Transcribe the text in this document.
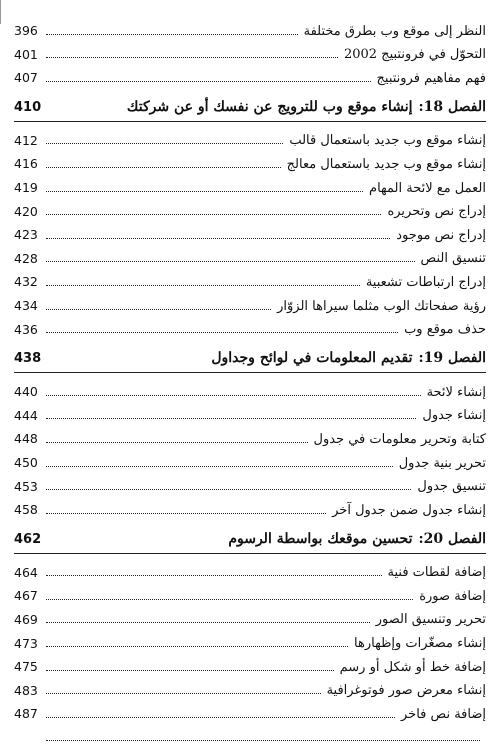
النظر إلى موقع وب بطرق مختلفة
396
التحوّل في فرونتبيج 2002
401
فهم مفاهيم فرونتبيج
407
الفصل 18:
إنشاء موقع وب للترويج عن نفسك أو عن شركتك
410
إنشاء موقع وب جديد باستعمال قالب
412
إنشاء موقع وب جديد باستعمال معالج
416
العمل مع لائحة المهام
419
إدراج نص وتحريره
420
إدراج نص موجود
423
تنسيق النص
428
إدراج ارتباطات تشعبية
432
رؤية صفحاتك الوب مثلما سيراها الزوّار
434
حذف موقع وب
436
الفصل 19:
تقديم المعلومات في لوائح وجداول
438
إنشاء لائحة
440
إنشاء جدول
444
كتابة وتحرير معلومات في جدول
448
تحرير بنية جدول
450
تنسيق جدول
453
إنشاء جدول ضمن جدول آخر
458
الفصل 20:
تحسين موقعك بواسطة الرسوم
462
إضافة لقطات فنية
464
إضافة صورة
467
تحرير وتنسيق الصور
469
إنشاء مصغّرات وإظهارها
473
إضافة خط أو شكل أو رسم
475
إنشاء معرض صور فوتوغرافية
483
إضافة نص فاخر
487
